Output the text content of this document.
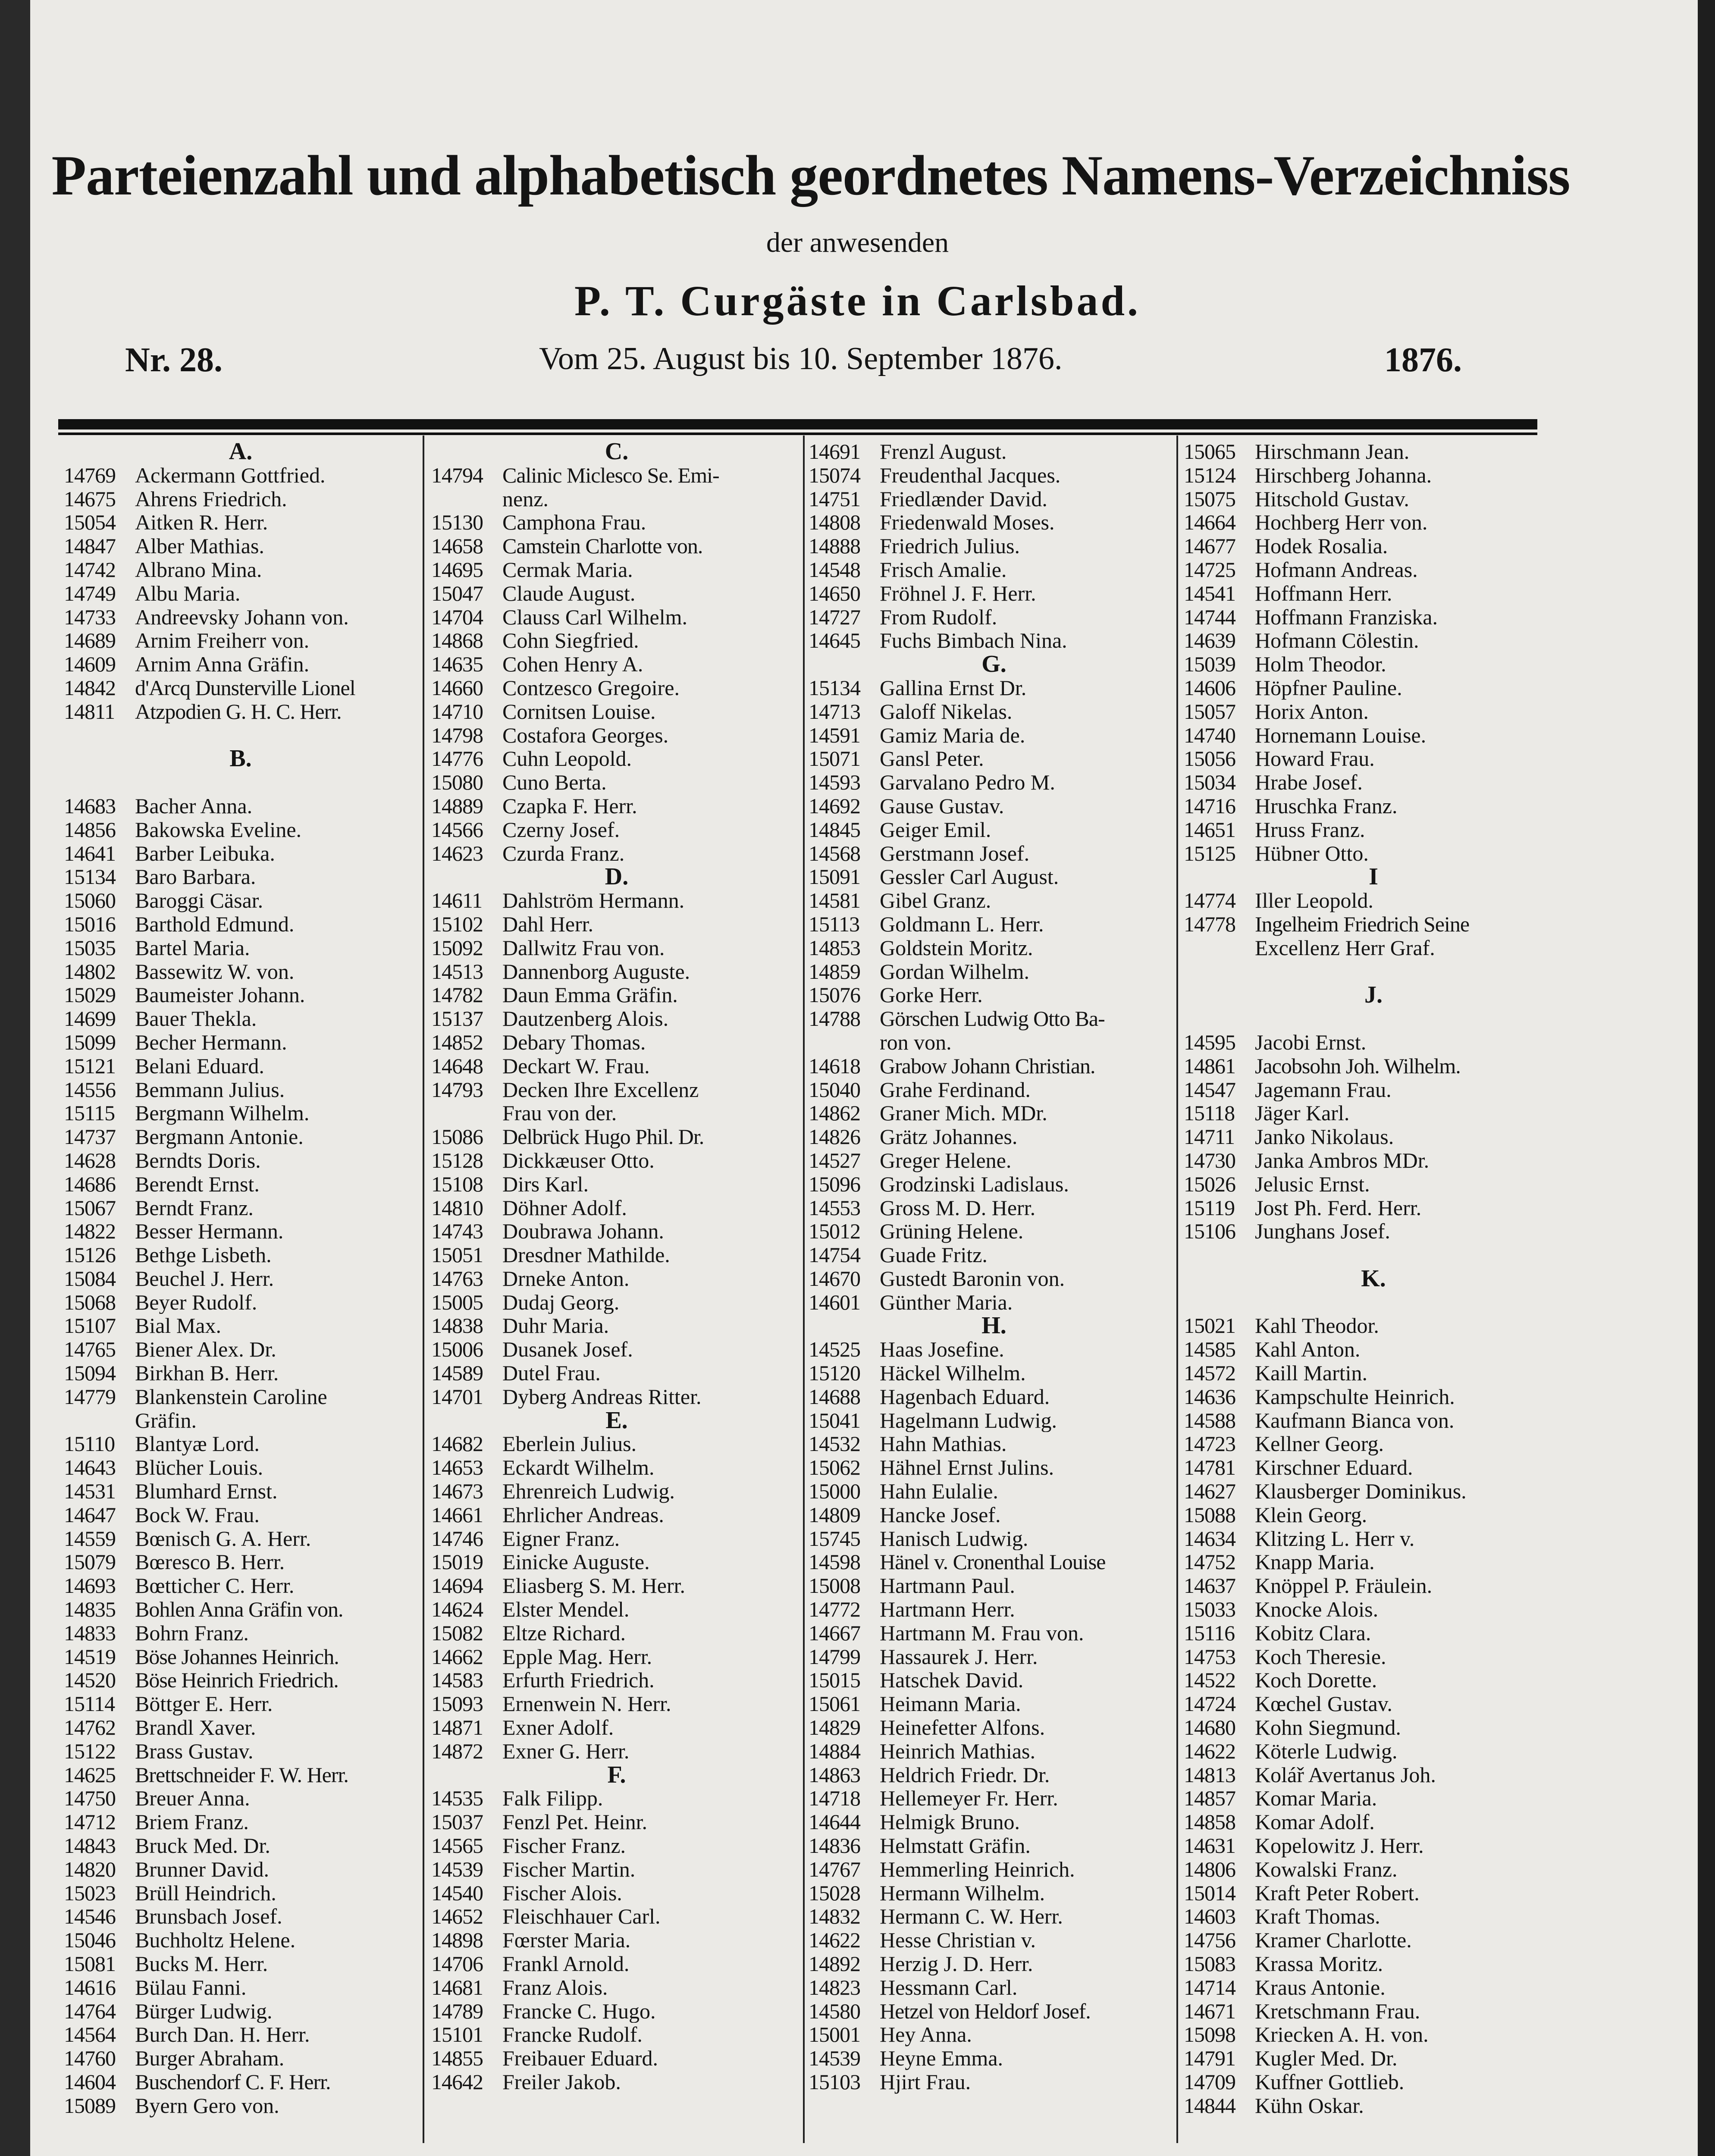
Parteienzahl und alphabetisch geordnetes Namens-Verzeichniss
der anwesenden
P. T. Curgäste in Carlsbad.
Nr. 28.	Vom 25. August bis 10. September 1876.	1876.
A.
14769 Ackermann Gottfried.
14675 Ahrens Friedrich.
15054 Aitken R. Herr.
14847 Alber Mathias.
14742 Albrano Mina.
14749 Albu Maria.
14733 Andreevsky Johann von.
14689 Arnim Freiherr von.
14609 Arnim Anna Gräfin.
14842 d'Arcq Dunsterville Lionel
14811 Atzpodien G. H. C. Herr.
B.
14683 Bacher Anna.
14856 Bakowska Eveline.
14641 Barber Leibuka.
15134 Baro Barbara.
15060 Baroggi Cäsar.
15016 Barthold Edmund.
15035 Bartel Maria.
14802 Bassewitz W. von.
15029 Baumeister Johann.
14699 Bauer Thekla.
15099 Becher Hermann.
15121 Belani Eduard.
14556 Bemmann Julius.
15115 Bergmann Wilhelm.
14737 Bergmann Antonie.
14628 Berndts Doris.
14686 Berendt Ernst.
15067 Berndt Franz.
14822 Besser Hermann.
15126 Bethge Lisbeth.
15084 Beuchel J. Herr.
15068 Beyer Rudolf.
15107 Bial Max.
14765 Biener Alex. Dr.
15094 Birkhan B. Herr.
14779 Blankenstein Caroline
Gräfin.
15110 Blantyæ Lord.
14643 Blücher Louis.
14531 Blumhard Ernst.
14647 Bock W. Frau.
14559 Bœnisch G. A. Herr.
15079 Bœresco B. Herr.
14693 Bœtticher C. Herr.
14835 Bohlen Anna Gräfin von.
14833 Bohrn Franz.
14519 Böse Johannes Heinrich.
14520 Böse Heinrich Friedrich.
15114 Böttger E. Herr.
14762 Brandl Xaver.
15122 Brass Gustav.
14625 Brettschneider F. W. Herr.
14750 Breuer Anna.
14712 Briem Franz.
14843 Bruck Med. Dr.
14820 Brunner David.
15023 Brüll Heindrich.
14546 Brunsbach Josef.
15046 Buchholtz Helene.
15081 Bucks M. Herr.
14616 Bülau Fanni.
14764 Bürger Ludwig.
14564 Burch Dan. H. Herr.
14760 Burger Abraham.
14604 Buschendorf C. F. Herr.
15089 Byern Gero von.
C.
14794 Calinic Miclesco Se. Emi-
nenz.
15130 Camphona Frau.
14658 Camstein Charlotte von.
14695 Cermak Maria.
15047 Claude August.
14704 Clauss Carl Wilhelm.
14868 Cohn Siegfried.
14635 Cohen Henry A.
14660 Contzesco Gregoire.
14710 Cornitsen Louise.
14798 Costafora Georges.
14776 Cuhn Leopold.
15080 Cuno Berta.
14889 Czapka F. Herr.
14566 Czerny Josef.
14623 Czurda Franz.
D.
14611 Dahlström Hermann.
15102 Dahl Herr.
15092 Dallwitz Frau von.
14513 Dannenborg Auguste.
14782 Daun Emma Gräfin.
15137 Dautzenberg Alois.
14852 Debary Thomas.
14648 Deckart W. Frau.
14793 Decken Ihre Excellenz
Frau von der.
15086 Delbrück Hugo Phil. Dr.
15128 Dickkæuser Otto.
15108 Dirs Karl.
14810 Döhner Adolf.
14743 Doubrawa Johann.
15051 Dresdner Mathilde.
14763 Drneke Anton.
15005 Dudaj Georg.
14838 Duhr Maria.
15006 Dusanek Josef.
14589 Dutel Frau.
14701 Dyberg Andreas Ritter.
E.
14682 Eberlein Julius.
14653 Eckardt Wilhelm.
14673 Ehrenreich Ludwig.
14661 Ehrlicher Andreas.
14746 Eigner Franz.
15019 Einicke Auguste.
14694 Eliasberg S. M. Herr.
14624 Elster Mendel.
15082 Eltze Richard.
14662 Epple Mag. Herr.
14583 Erfurth Friedrich.
15093 Ernenwein N. Herr.
14871 Exner Adolf.
14872 Exner G. Herr.
F.
14535 Falk Filipp.
15037 Fenzl Pet. Heinr.
14565 Fischer Franz.
14539 Fischer Martin.
14540 Fischer Alois.
14652 Fleischhauer Carl.
14898 Fœrster Maria.
14706 Frankl Arnold.
14681 Franz Alois.
14789 Francke C. Hugo.
15101 Francke Rudolf.
14855 Freibauer Eduard.
14642 Freiler Jakob.
14691 Frenzl August.
15074 Freudenthal Jacques.
14751 Friedlænder David.
14808 Friedenwald Moses.
14888 Friedrich Julius.
14548 Frisch Amalie.
14650 Fröhnel J. F. Herr.
14727 From Rudolf.
14645 Fuchs Bimbach Nina.
G.
15134 Gallina Ernst Dr.
14713 Galoff Nikelas.
14591 Gamiz Maria de.
15071 Gansl Peter.
14593 Garvalano Pedro M.
14692 Gause Gustav.
14845 Geiger Emil.
14568 Gerstmann Josef.
15091 Gessler Carl August.
14581 Gibel Granz.
15113 Goldmann L. Herr.
14853 Goldstein Moritz.
14859 Gordan Wilhelm.
15076 Gorke Herr.
14788 Görschen Ludwig Otto Ba-
ron von.
14618 Grabow Johann Christian.
15040 Grahe Ferdinand.
14862 Graner Mich. MDr.
14826 Grätz Johannes.
14527 Greger Helene.
15096 Grodzinski Ladislaus.
14553 Gross M. D. Herr.
15012 Grüning Helene.
14754 Guade Fritz.
14670 Gustedt Baronin von.
14601 Günther Maria.
H.
14525 Haas Josefine.
15120 Häckel Wilhelm.
14688 Hagenbach Eduard.
15041 Hagelmann Ludwig.
14532 Hahn Mathias.
15062 Hähnel Ernst Julins.
15000 Hahn Eulalie.
14809 Hancke Josef.
15745 Hanisch Ludwig.
14598 Hänel v. Cronenthal Louise
15008 Hartmann Paul.
14772 Hartmann Herr.
14667 Hartmann M. Frau von.
14799 Hassaurek J. Herr.
15015 Hatschek David.
15061 Heimann Maria.
14829 Heinefetter Alfons.
14884 Heinrich Mathias.
14863 Heldrich Friedr. Dr.
14718 Hellemeyer Fr. Herr.
14644 Helmigk Bruno.
14836 Helmstatt Gräfin.
14767 Hemmerling Heinrich.
15028 Hermann Wilhelm.
14832 Hermann C. W. Herr.
14622 Hesse Christian v.
14892 Herzig J. D. Herr.
14823 Hessmann Carl.
14580 Hetzel von Heldorf Josef.
15001 Hey Anna.
14539 Heyne Emma.
15103 Hjirt Frau.
15065 Hirschmann Jean.
15124 Hirschberg Johanna.
15075 Hitschold Gustav.
14664 Hochberg Herr von.
14677 Hodek Rosalia.
14725 Hofmann Andreas.
14541 Hoffmann Herr.
14744 Hoffmann Franziska.
14639 Hofmann Cölestin.
15039 Holm Theodor.
14606 Höpfner Pauline.
15057 Horix Anton.
14740 Hornemann Louise.
15056 Howard Frau.
15034 Hrabe Josef.
14716 Hruschka Franz.
14651 Hruss Franz.
15125 Hübner Otto.
I
14774 Iller Leopold.
14778 Ingelheim Friedrich Seine
Excellenz Herr Graf.
J.
14595 Jacobi Ernst.
14861 Jacobsohn Joh. Wilhelm.
14547 Jagemann Frau.
15118 Jäger Karl.
14711 Janko Nikolaus.
14730 Janka Ambros MDr.
15026 Jelusic Ernst.
15119 Jost Ph. Ferd. Herr.
15106 Junghans Josef.
K.
15021 Kahl Theodor.
14585 Kahl Anton.
14572 Kaill Martin.
14636 Kampschulte Heinrich.
14588 Kaufmann Bianca von.
14723 Kellner Georg.
14781 Kirschner Eduard.
14627 Klausberger Dominikus.
15088 Klein Georg.
14634 Klitzing L. Herr v.
14752 Knapp Maria.
14637 Knöppel P. Fräulein.
15033 Knocke Alois.
15116 Kobitz Clara.
14753 Koch Theresie.
14522 Koch Dorette.
14724 Kœchel Gustav.
14680 Kohn Siegmund.
14622 Köterle Ludwig.
14813 Kolář Avertanus Joh.
14857 Komar Maria.
14858 Komar Adolf.
14631 Kopelowitz J. Herr.
14806 Kowalski Franz.
15014 Kraft Peter Robert.
14603 Kraft Thomas.
14756 Kramer Charlotte.
15083 Krassa Moritz.
14714 Kraus Antonie.
14671 Kretschmann Frau.
15098 Kriecken A. H. von.
14791 Kugler Med. Dr.
14709 Kuffner Gottlieb.
14844 Kühn Oskar.
